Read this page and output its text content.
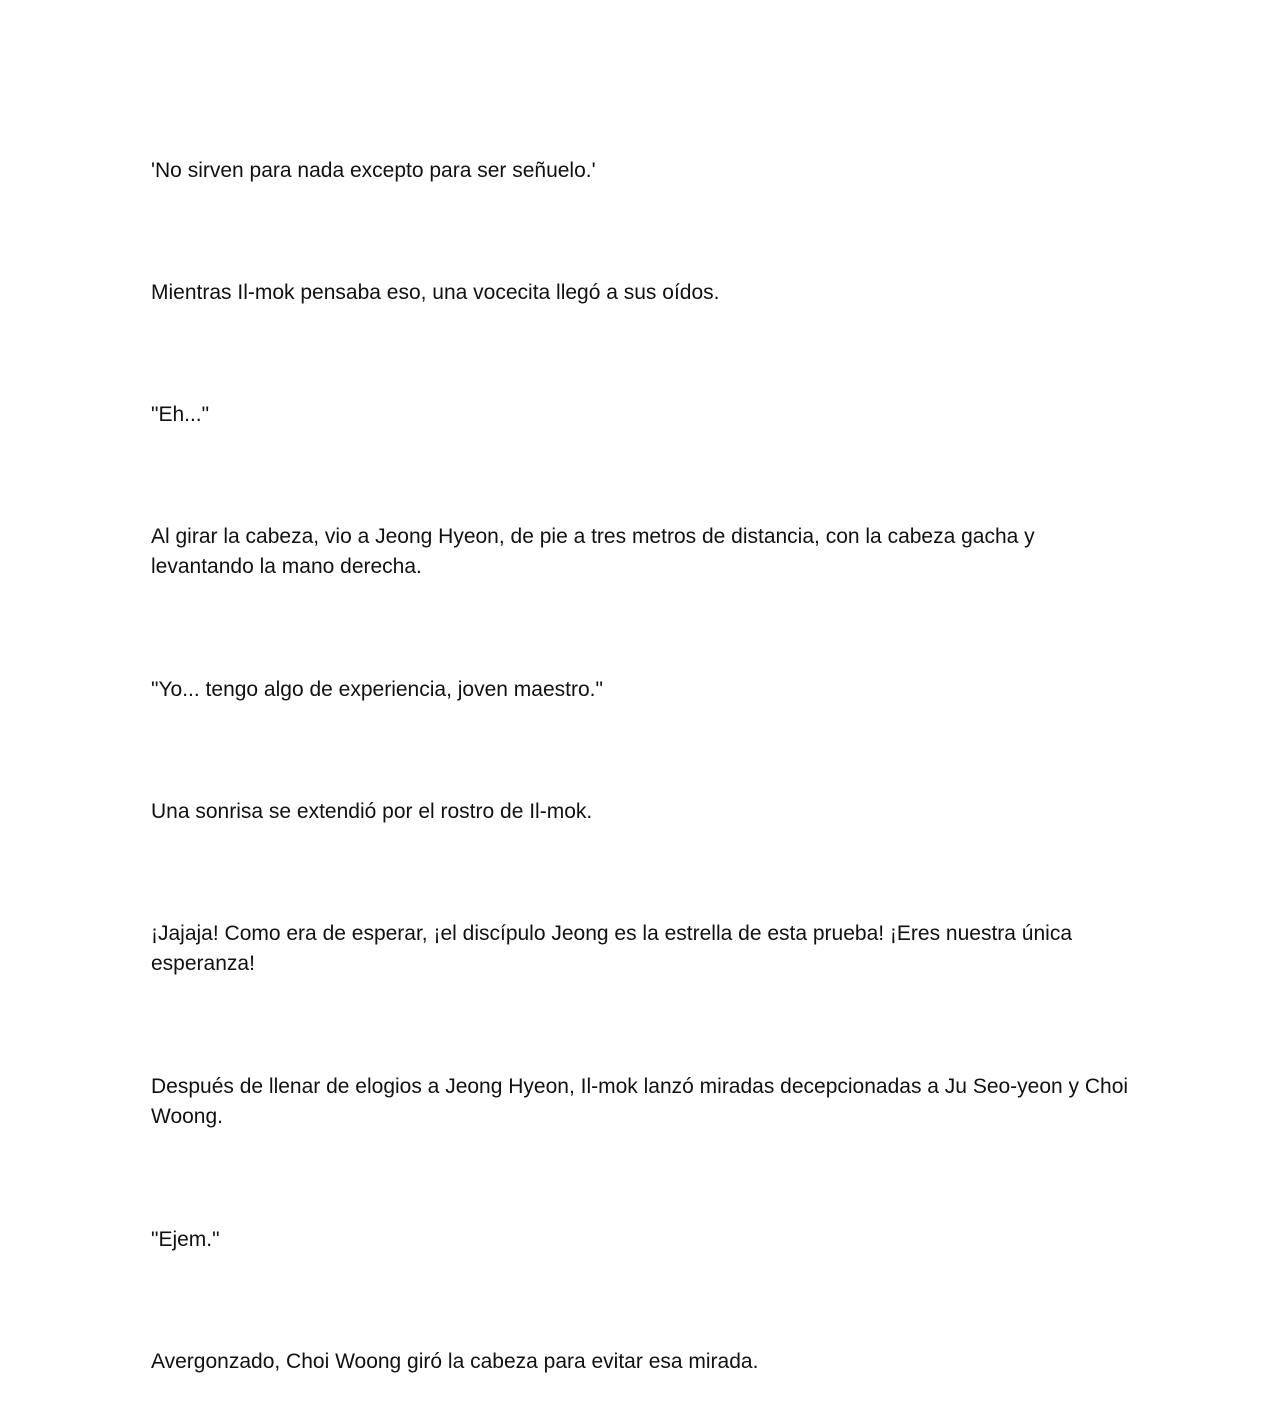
'No sirven para nada excepto para ser señuelo.'

Mientras Il-mok pensaba eso, una vocecita llegó a sus oídos.

"Eh..."

Al girar la cabeza, vio a Jeong Hyeon, de pie a tres metros de distancia, con la cabeza gacha y levantando la mano derecha.

"Yo... tengo algo de experiencia, joven maestro."

Una sonrisa se extendió por el rostro de Il-mok.

¡Jajaja! Como era de esperar, ¡el discípulo Jeong es la estrella de esta prueba! ¡Eres nuestra única esperanza!

Después de llenar de elogios a Jeong Hyeon, Il-mok lanzó miradas decepcionadas a Ju Seo-yeon y Choi Woong.

"Ejem."

Avergonzado, Choi Woong giró la cabeza para evitar esa mirada.
